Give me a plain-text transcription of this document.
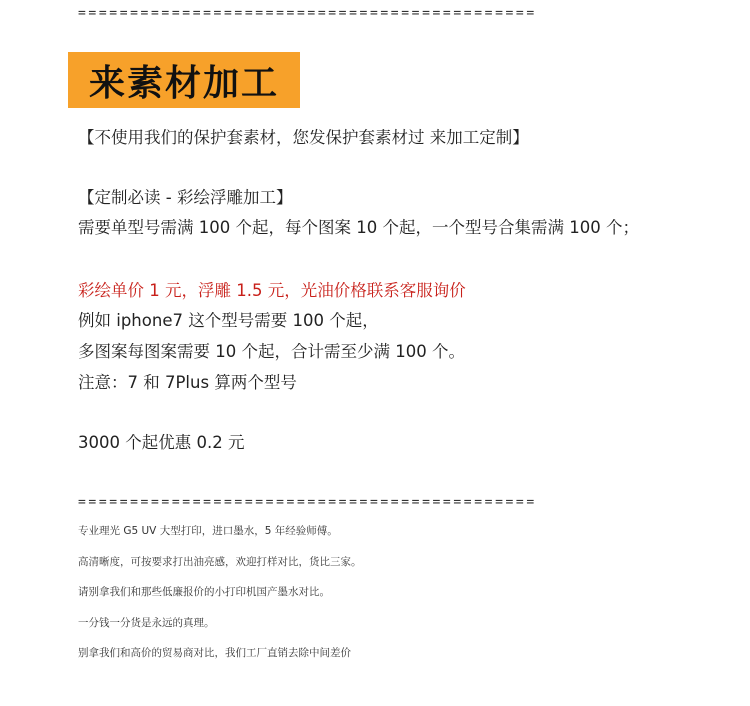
============================================
来素材加工
【不使用我们的保护套素材，您发保护套素材过 来加工定制】
【定制必读 - 彩绘浮雕加工】
需要单型号需满 100 个起，每个图案 10 个起，一个型号合集需满 100 个；
彩绘单价 1 元，浮雕 1.5 元，光油价格联系客服询价
例如 iphone7 这个型号需要 100 个起，
多图案每图案需要 10 个起，合计需至少满 100 个。
注意：7 和 7Plus 算两个型号
3000 个起优惠 0.2 元
============================================
专业理光 G5 UV 大型打印，进口墨水，5 年经验师傅。
高清晰度，可按要求打出油亮感，欢迎打样对比，货比三家。
请别拿我们和那些低廉报价的小打印机国产墨水对比。
一分钱一分货是永远的真理。
别拿我们和高价的贸易商对比，我们工厂直销去除中间差价
